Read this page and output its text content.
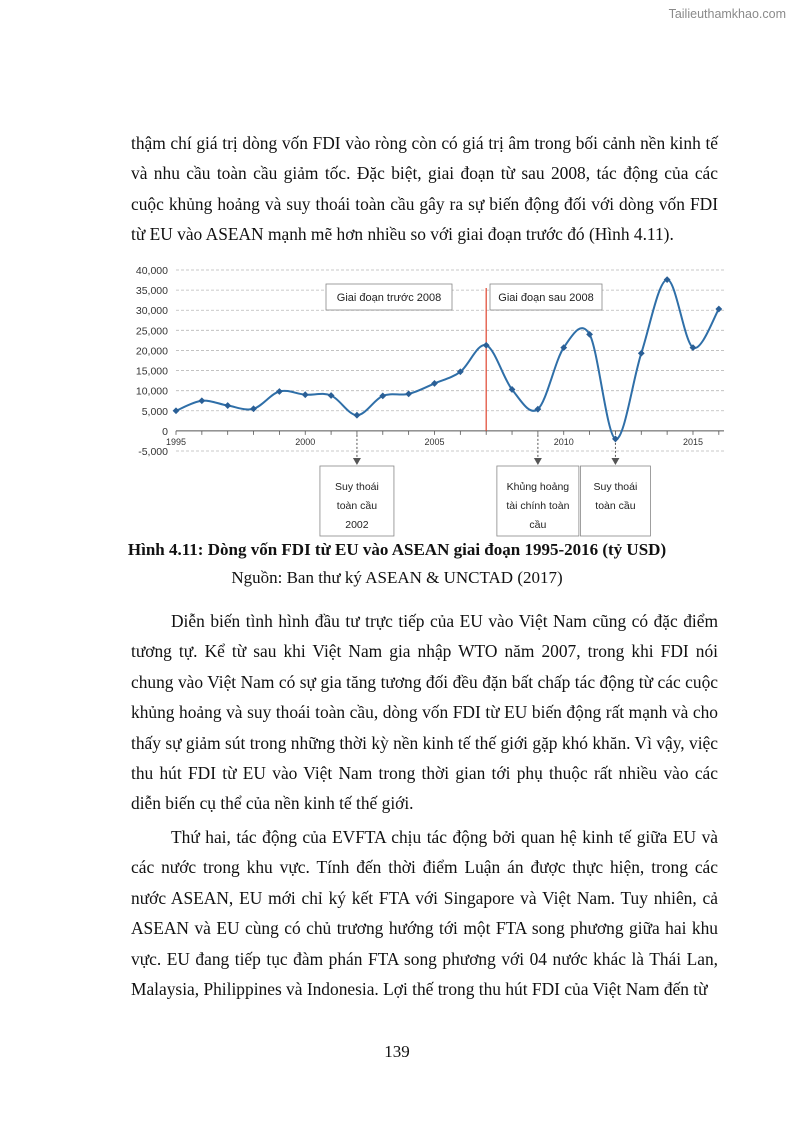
Tailieuthamkhao.com

thậm chí giá trị dòng vốn FDI vào ròng còn có giá trị âm trong bối cảnh nền kinh tế và nhu cầu toàn cầu giảm tốc. Đặc biệt, giai đoạn từ sau 2008, tác động của các cuộc khủng hoảng và suy thoái toàn cầu gây ra sự biến động đối với dòng vốn FDI từ EU vào ASEAN mạnh mẽ hơn nhiều so với giai đoạn trước đó (Hình 4.11).

40,000
35,000
30,000
25,000
20,000
15,000
10,000
5,000
0
-5,000
1995	2000	2005	2010	2015
Giai đoạn trước 2008	Giai đoạn sau 2008
Suy thoái
toàn cầu
2002
Khủng hoảng
tài chính toàn
cầu
Suy thoái
toàn cầu
Hình 4.11: Dòng vốn FDI từ EU vào ASEAN giai đoạn 1995-2016 (tỷ USD)
Nguồn: Ban thư ký ASEAN & UNCTAD (2017)

Diễn biến tình hình đầu tư trực tiếp của EU vào Việt Nam cũng có đặc điểm tương tự. Kể từ sau khi Việt Nam gia nhập WTO năm 2007, trong khi FDI nói chung vào Việt Nam có sự gia tăng tương đối đều đặn bất chấp tác động từ các cuộc khủng hoảng và suy thoái toàn cầu, dòng vốn FDI từ EU biến động rất mạnh và cho thấy sự giảm sút trong những thời kỳ nền kinh tế thế giới gặp khó khăn. Vì vậy, việc thu hút FDI từ EU vào Việt Nam trong thời gian tới phụ thuộc rất nhiều vào các diễn biến cụ thể của nền kinh tế thế giới.

Thứ hai, tác động của EVFTA chịu tác động bởi quan hệ kinh tế giữa EU và các nước trong khu vực. Tính đến thời điểm Luận án được thực hiện, trong các nước ASEAN, EU mới chỉ ký kết FTA với Singapore và Việt Nam. Tuy nhiên, cả ASEAN và EU cùng có chủ trương hướng tới một FTA song phương giữa hai khu vực. EU đang tiếp tục đàm phán FTA song phương với 04 nước khác là Thái Lan, Malaysia, Philippines và Indonesia. Lợi thế trong thu hút FDI của Việt Nam đến từ

139
